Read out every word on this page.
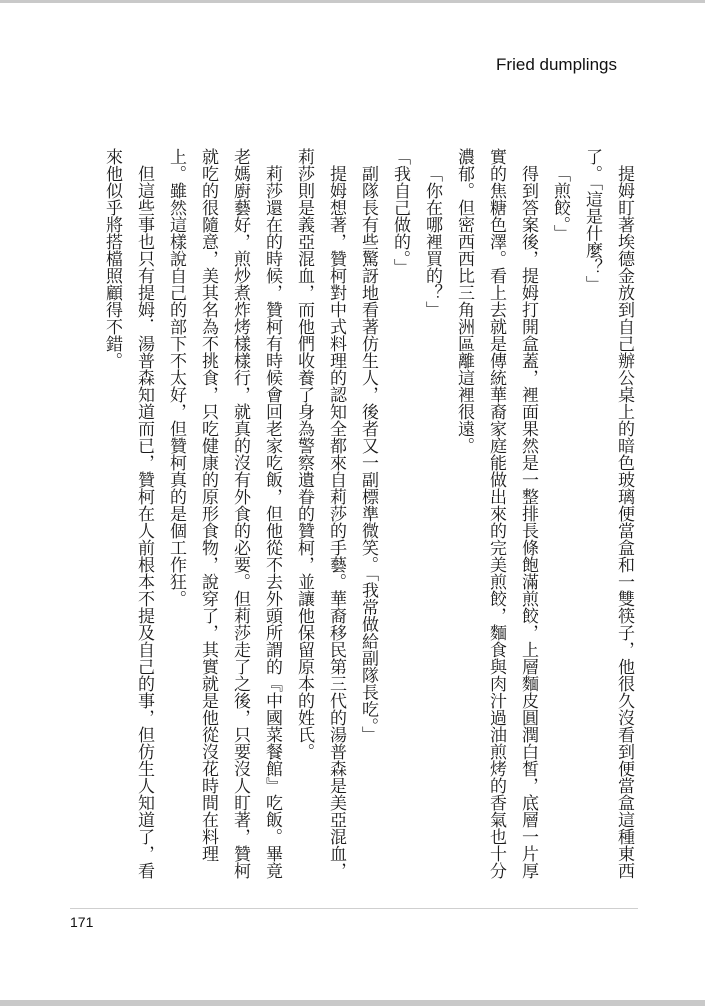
Fried dumplings

提姆盯著埃德金放到自己辦公桌上的暗色玻璃便當盒和一雙筷子，他很久沒看到便當盒這種東西了。「這是什麼？」

「煎餃。」

得到答案後，提姆打開盒蓋，裡面果然是一整排長條飽滿煎餃，上層麵皮圓潤白皙，底層一片厚實的焦糖色澤。看上去就是傳統華裔家庭能做出來的完美煎餃，麵食與肉汁過油煎烤的香氣也十分濃郁。但密西西比三角洲區離這裡很遠。

「你在哪裡買的？」

「我自己做的。」

副隊長有些驚訝地看著仿生人，後者又一副標準微笑。「我常做給副隊長吃。」

提姆想著，贊柯對中式料理的認知全都來自莉莎的手藝。華裔移民第三代的湯普森是美亞混血，莉莎則是義亞混血，而他們收養了身為警察遺眷的贊柯，並讓他保留原本的姓氏。

莉莎還在的時候，贊柯有時候會回老家吃飯，但他從不去外頭所謂的『中國菜餐館』吃飯。畢竟老媽廚藝好，煎炒煮炸烤樣樣行，就真的沒有外食的必要。但莉莎走了之後，只要沒人盯著，贊柯就吃的很隨意，美其名為不挑食，只吃健康的原形食物，說穿了，其實就是他從沒花時間在料理上。雖然這樣說自己的部下不太好，但贊柯真的是個工作狂。

但這些事也只有提姆．湯普森知道而已，贊柯在人前根本不提及自己的事，但仿生人知道了，看來他似乎將搭檔照顧得不錯。

171
